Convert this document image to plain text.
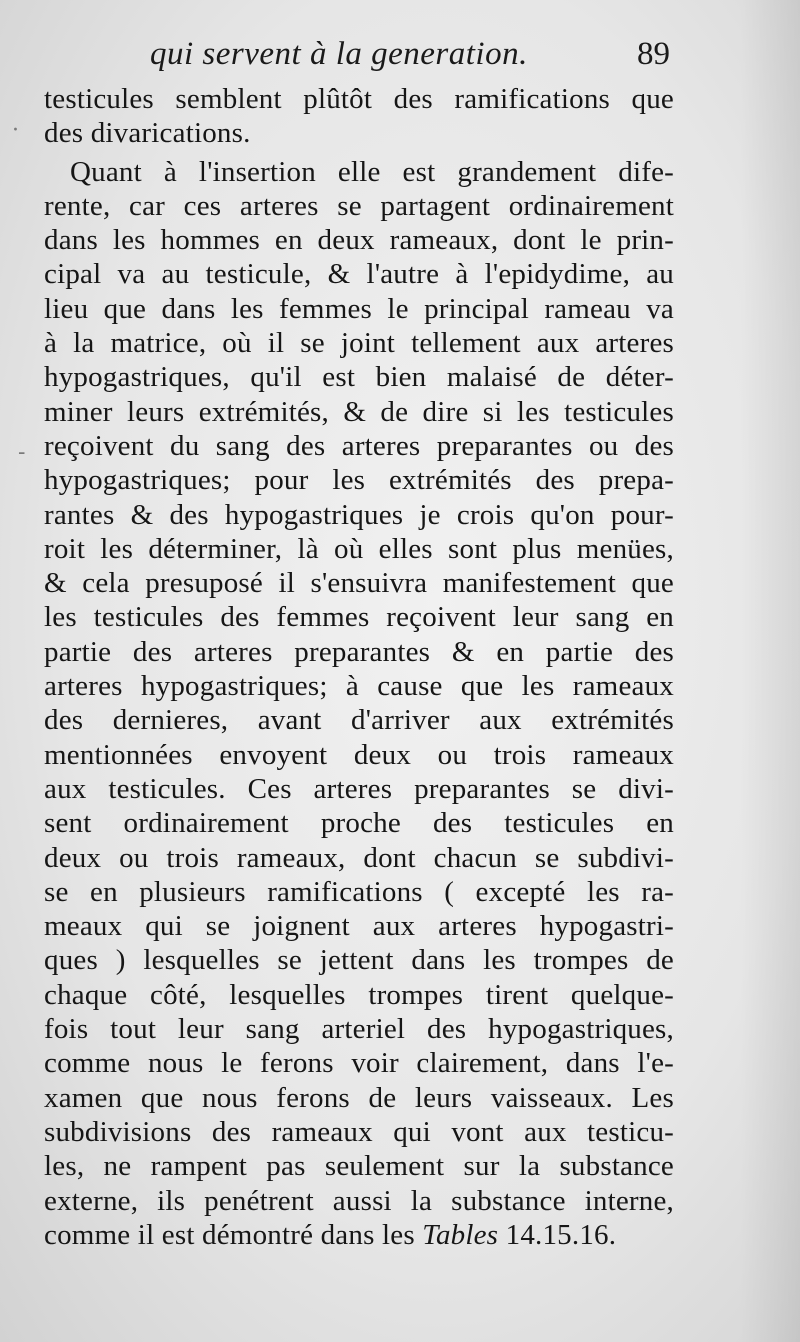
qui servent à la generation.	89
testicules semblent plûtôt des ramifications que
des divarications.
Quant à l'insertion elle est grandement dife-
rente, car ces arteres se partagent ordinairement
dans les hommes en deux rameaux, dont le prin-
cipal va au testicule, & l'autre à l'epidydime, au
lieu que dans les femmes le principal rameau va
à la matrice, où il se joint tellement aux arteres
hypogastriques, qu'il est bien malaisé de déter-
miner leurs extrémités, & de dire si les testicules
reçoivent du sang des arteres preparantes ou des
hypogastriques; pour les extrémités des prepa-
rantes & des hypogastriques je crois qu'on pour-
roit les déterminer, là où elles sont plus menües,
& cela presuposé il s'ensuivra manifestement que
les testicules des femmes reçoivent leur sang en
partie des arteres preparantes & en partie des
arteres hypogastriques; à cause que les rameaux
des dernieres, avant d'arriver aux extrémités
mentionnées envoyent deux ou trois rameaux
aux testicules. Ces arteres preparantes se divi-
sent ordinairement proche des testicules en
deux ou trois rameaux, dont chacun se subdivi-
se en plusieurs ramifications ( excepté les ra-
meaux qui se joignent aux arteres hypogastri-
ques ) lesquelles se jettent dans les trompes de
chaque côté, lesquelles trompes tirent quelque-
fois tout leur sang arteriel des hypogastriques,
comme nous le ferons voir clairement, dans l'e-
xamen que nous ferons de leurs vaisseaux. Les
subdivisions des rameaux qui vont aux testicu-
les, ne rampent pas seulement sur la substance
externe, ils penétrent aussi la substance interne,
comme il est démontré dans les Tables 14.15.16.
·
-
